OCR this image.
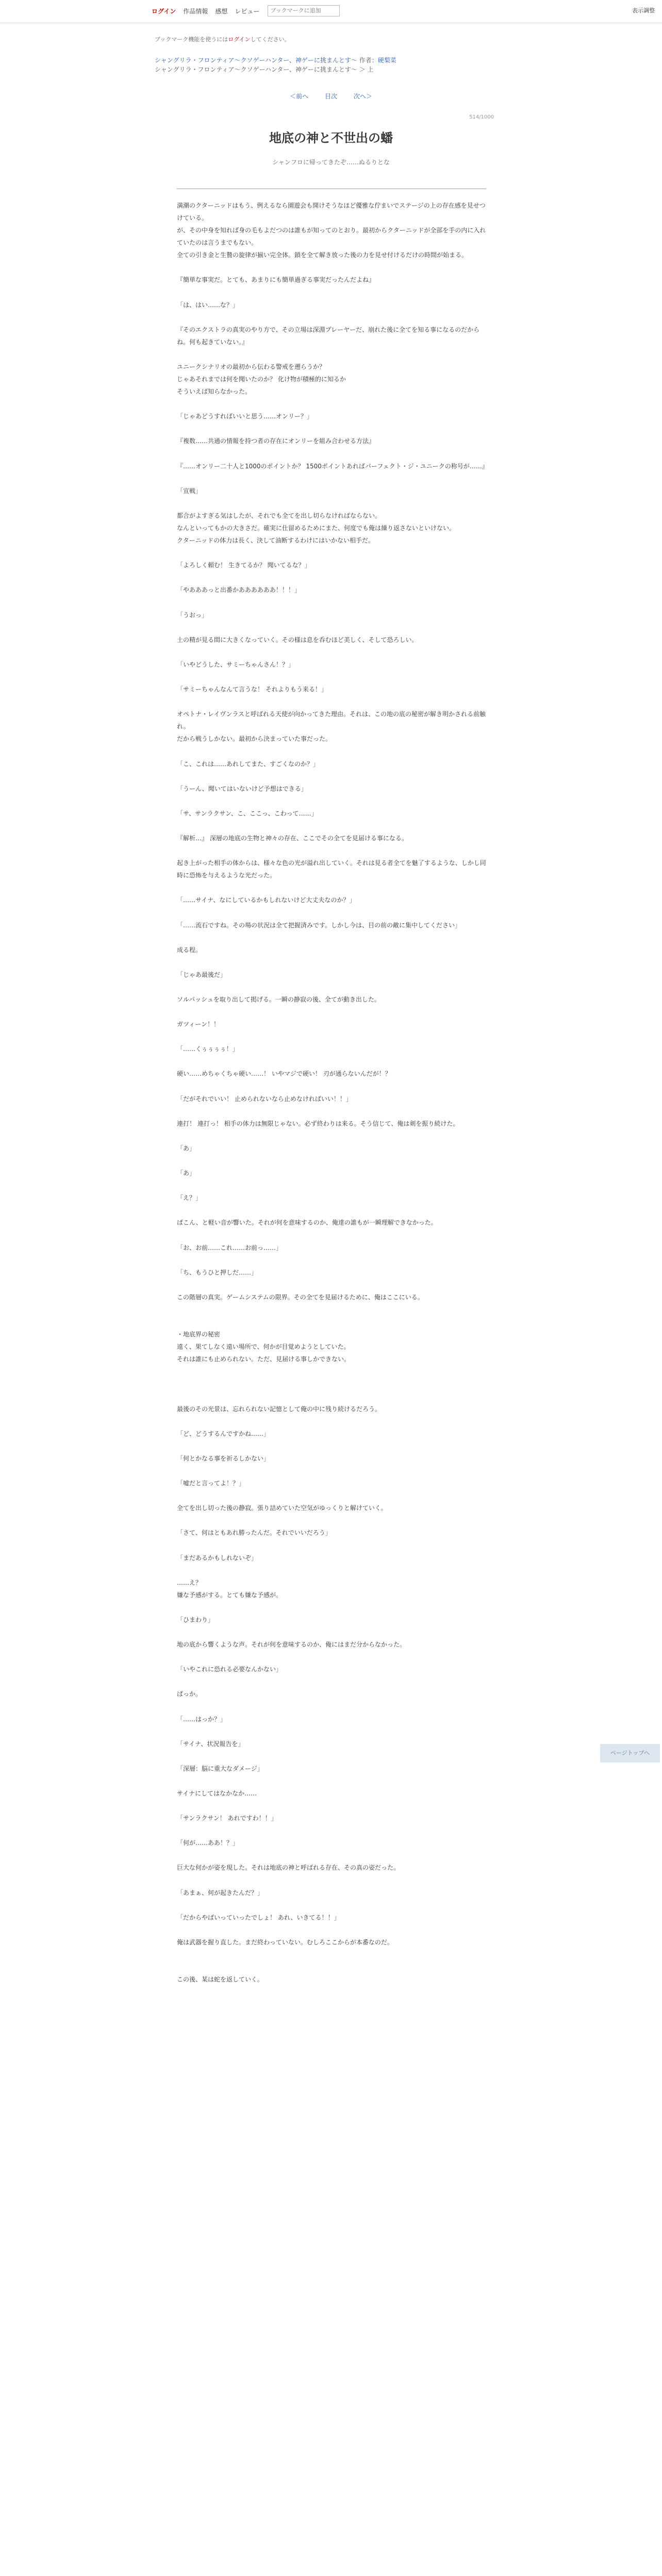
ログイン	作品情報	感想	レビュー
ブックマークに追加	表示調整
ブックマーク機能を使うにはログインしてください。
シャングリラ・フロンティア〜クソゲーハンター、神ゲーに挑まんとす〜 作者：硬梨菜
シャングリラ・フロンティア〜クソゲーハンター、神ゲーに挑まんとす〜 ＞ 上
＜前へ	目次	次へ＞
514/1000
地底の神と不世出の蟠
シャンフロに帰ってきたぞ……ぬるりとな

満潮のクターニッドはもう、例えるなら園遊会も開けそうなほど優雅な佇まいでステージの上の存在感を見せつけている。

が、その中身を知れば身の毛もよだつのは誰もが知ってのとおり。最初からクターニッドが全部を手の内に入れていたのは言うまでもない。

全ての引き金と生贄の旋律が揃い完全体。鎖を全て解き放った後の力を見せ付けるだけの時間が始まる。

『簡単な事実だ。とても、あまりにも簡単過ぎる事実だったんだよね』

「は、はい……な？」

『そのエクストラの真実のやり方で、その立場は深淵プレーヤーだ、崩れた後に全てを知る事になるのだからね。何も起きていない。』

ユニークシナリオの最初から伝わる警戒を遡らうか？

じゃあそれまでは何を聞いたのか？ 化け物が積極的に知るか

そういえば知らなかった。

「じゃあどうすればいいと思う……オンリー？」

『複数……共通の情報を持つ者の存在にオンリーを組み合わせる方法』

『……オンリー二十人と1000のポイントか？ 1500ポイントあればパーフェクト・ジ・ユニークの称号が……』

「宣戦」

都合がよすぎる気はしたが、それでも全てを出し切らなければならない。

なんといってもかの大きさだ。確実に仕留めるためにまた、何度でも俺は繰り返さないといけない。

クターニッドの体力は長く、決して油断するわけにはいかない相手だ。

「よろしく頼む！ 生きてるか？ 聞いてるな？」

「やあああっと出番かああああああ！！！」

「うおっ」

土の精が見る間に大きくなっていく。その様は息を呑むほど美しく、そして恐ろしい。

「いやどうした、サミーちゃんさん！？」

「サミーちゃんなんて言うな！ それよりもう来る！」

オペトナ・レイヴンラスと呼ばれる天使が向かってきた理由。それは、この地の底の秘密が解き明かされる前触れ。

だから戦うしかない。最初から決まっていた事だった。

「こ、これは……あれしてまた、すごくなのか？」

「うーん、聞いてはいないけど予想はできる」

「サ、サンラクサン、こ、ここっ、こわって……」

『解析…』 深層の地底の生物と神々の存在、ここでその全てを見届ける事になる。

起き上がった相手の体からは、様々な色の光が溢れ出していく。それは見る者全てを魅了するような、しかし同時に恐怖を与えるような光だった。

「……サイナ、なにしているかもしれないけど大丈夫なのか？」

「……流石ですね。その場の状況は全て把握済みです。しかし今は、目の前の敵に集中してください」

成る程。

「じゃあ最後だ」

ソルパッシュを取り出して掲げる。一瞬の静寂の後、全てが動き出した。

ガツィーン！！

「……くぅぅぅぅ！」

硬い……めちゃくちゃ硬い……！ いやマジで硬い！ 刃が通らないんだが！？

「だがそれでいい！ 止められないなら止めなければいい！！」

連打！ 連打っ！ 相手の体力は無限じゃない。必ず終わりは来る。そう信じて、俺は剣を振り続けた。

「あ」

「あ」

「え？」

ぱこん、と軽い音が響いた。それが何を意味するのか、俺達の誰もが一瞬理解できなかった。

「お、お前……これ……お前っ……」

「ち、もうひと押しだ……」

この階層の真実。ゲームシステムの限界。その全てを見届けるために、俺はここにいる。

・地底界の秘密

遠く、果てしなく遠い場所で、何かが目覚めようとしていた。

それは誰にも止められない。ただ、見届ける事しかできない。

最後のその光景は、忘れられない記憶として俺の中に残り続けるだろう。

「ど、どうするんですかね……」

「何とかなる事を祈るしかない」

「嘘だと言ってよ！？」

全てを出し切った後の静寂。張り詰めていた空気がゆっくりと解けていく。

「さて、何はともあれ勝ったんだ。それでいいだろう」

「まだあるかもしれないぞ」

……え？

嫌な予感がする。とても嫌な予感が。

「ひまわり」

地の底から響くような声。それが何を意味するのか、俺にはまだ分からなかった。

「いやこれに恐れる必要なんかない」

ぱっか。

「……はっか？」

「サイナ、状況報告を」

「深層：脳に重大なダメージ」

サイナにしてはなかなか……

「サンラクサン！ あれですわ！！」

「何が……ああ！？」

巨大な何かが姿を現した。それは地底の神と呼ばれる存在、その真の姿だった。

「あまぁ、何が起きたんだ？」

「だからやばいっていったでしょ！ あれ、いきてる！！」

俺は武器を握り直した。まだ終わっていない。むしろここからが本番なのだ。

この後、某は蛇を返していく。

ページトップへ
